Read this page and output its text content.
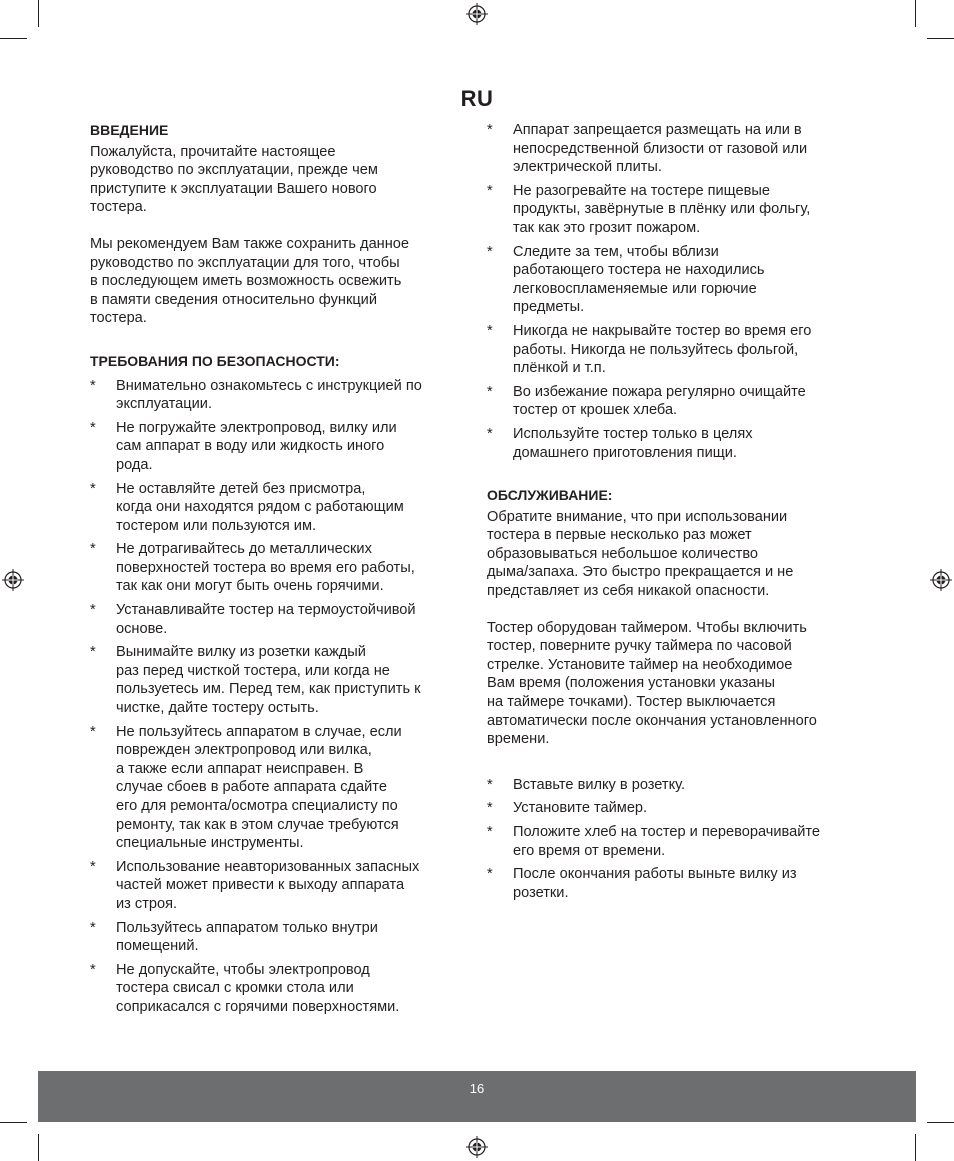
RU
ВВЕДЕНИЕ
Пожалуйста, прочитайте настоящее
руководство по эксплуатации, прежде чем
приступите к эксплуатации Вашего нового
тостера.
Мы рекомендуем Вам также сохранить данное
руководство по эксплуатации для того, чтобы
в последующем иметь возможность освежить
в памяти сведения относительно функций
тостера.
ТРЕБОВАНИЯ ПО БЕЗОПАСНОСТИ:
* Внимательно ознакомьтесь с инструкцией по
эксплуатации.
* Не погружайте электропровод, вилку или
сам аппарат в воду или жидкость иного
рода.
* Не оставляйте детей без присмотра,
когда они находятся рядом с работающим
тостером или пользуются им.
* Не дотрагивайтесь до металлических
поверхностей тостера во время его работы,
так как они могут быть очень горячими.
* Устанавливайте тостер на термоустойчивой
основе.
* Вынимайте вилку из розетки каждый
раз перед чисткой тостера, или когда не
пользуетесь им. Перед тем, как приступить к
чистке, дайте тостеру остыть.
* Не пользуйтесь аппаратом в случае, если
поврежден электропровод или вилка,
а также если аппарат неисправен. В
случае сбоев в работе аппарата сдайте
его для ремонта/осмотра специалисту по
ремонту, так как в этом случае требуются
специальные инструменты.
* Использование неавторизованных запасных
частей может привести к выходу аппарата
из строя.
* Пользуйтесь аппаратом только внутри
помещений.
* Не допускайте, чтобы электропровод
тостера свисал с кромки стола или
соприкасался с горячими поверхностями.
* Аппарат запрещается размещать на или в
непосредственной близости от газовой или
электрической плиты.
* Не разогревайте на тостере пищевые
продукты, завёрнутые в плёнку или фольгу,
так как это грозит пожаром.
* Следите за тем, чтобы вблизи
работающего тостера не находились
легковоспламеняемые или горючие
предметы.
* Никогда не накрывайте тостер во время его
работы. Никогда не пользуйтесь фольгой,
плёнкой и т.п.
* Во избежание пожара регулярно очищайте
тостер от крошек хлеба.
* Используйте тостер только в целях
домашнего приготовления пищи.
ОБСЛУЖИВАНИЕ:
Обратите внимание, что при использовании
тостера в первые несколько раз может
образовываться небольшое количество
дыма/запаха. Это быстро прекращается и не
представляет из себя никакой опасности.
Тостер оборудован таймером. Чтобы включить
тостер, поверните ручку таймера по часовой
стрелке. Установите таймер на необходимое
Вам время (положения установки указаны
на таймере точками). Тостер выключается
автоматически после окончания установленного
времени.
* Вставьте вилку в розетку.
* Установите таймер.
* Положите хлеб на тостер и переворачивайте
его время от времени.
* После окончания работы выньте вилку из
розетки.
16
